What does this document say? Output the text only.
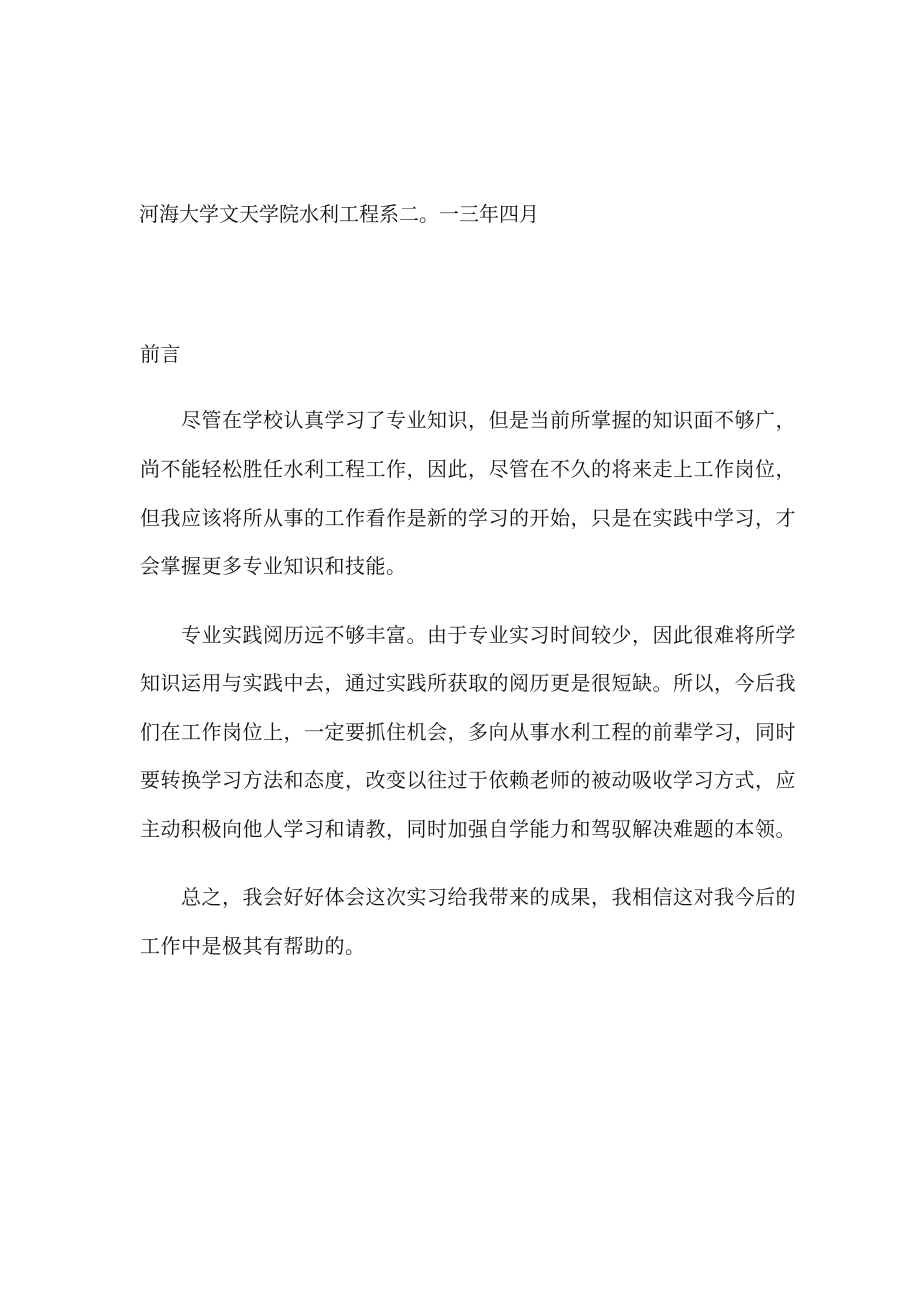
河海大学文天学院水利工程系二。一三年四月
前言
尽管在学校认真学习了专业知识，但是当前所掌握的知识面不够广，
尚不能轻松胜任水利工程工作，因此，尽管在不久的将来走上工作岗位，
但我应该将所从事的工作看作是新的学习的开始，只是在实践中学习，才
会掌握更多专业知识和技能。
专业实践阅历远不够丰富。由于专业实习时间较少，因此很难将所学
知识运用与实践中去，通过实践所获取的阅历更是很短缺。所以，今后我
们在工作岗位上，一定要抓住机会，多向从事水利工程的前辈学习，同时
要转换学习方法和态度，改变以往过于依赖老师的被动吸收学习方式，应
主动积极向他人学习和请教，同时加强自学能力和驾驭解决难题的本领。
总之，我会好好体会这次实习给我带来的成果，我相信这对我今后的
工作中是极其有帮助的。
